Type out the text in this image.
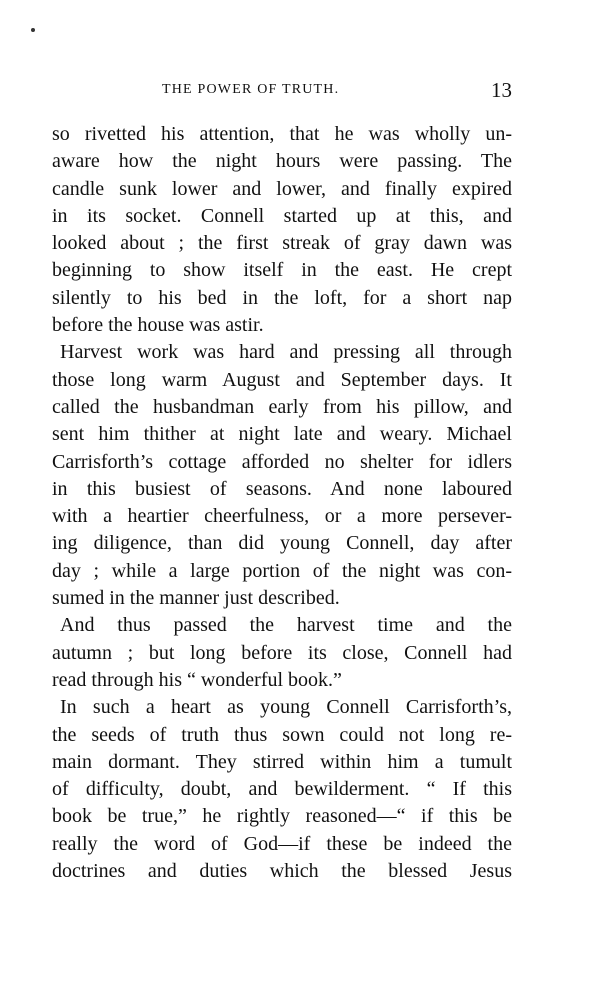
THE POWER OF TRUTH.	13
so rivetted his attention, that he was wholly un-
aware how the night hours were passing. The
candle sunk lower and lower, and finally expired
in its socket. Connell started up at this, and
looked about ; the first streak of gray dawn was
beginning to show itself in the east. He crept
silently to his bed in the loft, for a short nap
before the house was astir.
Harvest work was hard and pressing all through
those long warm August and September days. It
called the husbandman early from his pillow, and
sent him thither at night late and weary. Michael
Carrisforth’s cottage afforded no shelter for idlers
in this busiest of seasons. And none laboured
with a heartier cheerfulness, or a more persever-
ing diligence, than did young Connell, day after
day ; while a large portion of the night was con-
sumed in the manner just described.
And thus passed the harvest time and the
autumn ; but long before its close, Connell had
read through his “ wonderful book.”
In such a heart as young Connell Carrisforth’s,
the seeds of truth thus sown could not long re-
main dormant. They stirred within him a tumult
of difficulty, doubt, and bewilderment. “ If this
book be true,” he rightly reasoned—“ if this be
really the word of God—if these be indeed the
doctrines and duties which the blessed Jesus
